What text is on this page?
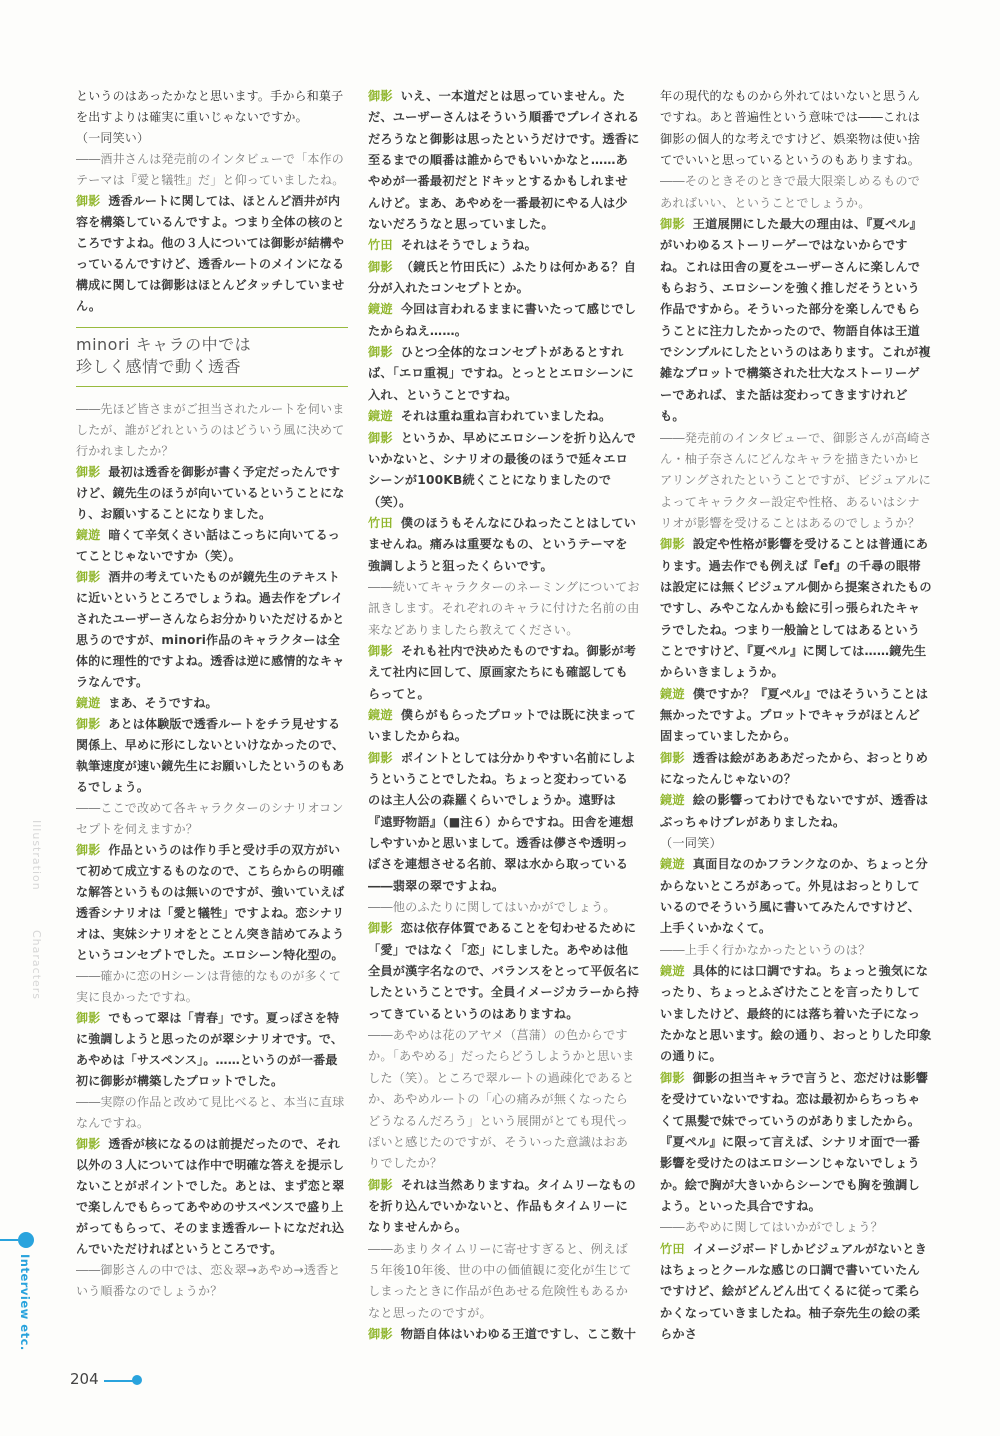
というのはあったかなと思います。手から和菓子を出すよりは確実に重いじゃないですか。

（一同笑い）

――酒井さんは発売前のインタビューで「本作のテーマは『愛と犠牲』だ」と仰っていましたね。

御影 透香ルートに関しては、ほとんど酒井が内容を構築しているんですよ。つまり全体の核のところですよね。他の３人については御影が結構やっているんですけど、透香ルートのメインになる構成に関しては御影はほとんどタッチしていません。

minori キャラの中では
珍しく感情で動く透香

――先ほど皆さまがご担当されたルートを伺いましたが、誰がどれというのはどういう風に決めて行かれましたか？

御影 最初は透香を御影が書く予定だったんですけど、鏡先生のほうが向いているということになり、お願いすることになりました。

鏡遊 暗くて辛気くさい話はこっちに向いてるってことじゃないですか（笑）。

御影 酒井の考えていたものが鏡先生のテキストに近いというところでしょうね。過去作をプレイされたユーザーさんならお分かりいただけるかと思うのですが、minori作品のキャラクターは全体的に理性的ですよね。透香は逆に感情的なキャラなんです。

鏡遊 まあ、そうですね。

御影 あとは体験版で透香ルートをチラ見せする関係上、早めに形にしないといけなかったので、執筆速度が速い鏡先生にお願いしたというのもあるでしょう。

――ここで改めて各キャラクターのシナリオコンセプトを伺えますか？

御影 作品というのは作り手と受け手の双方がいて初めて成立するものなので、こちらからの明確な解答というものは無いのですが、強いていえば透香シナリオは「愛と犠牲」ですよね。恋シナリオは、実妹シナリオをとことん突き詰めてみようというコンセプトでした。エロシーン特化型の。

――確かに恋のHシーンは背徳的なものが多くて実に良かったですね。

御影 でもって翠は「青春」です。夏っぽさを特に強調しようと思ったのが翠シナリオです。で、あやめは「サスペンス」。……というのが一番最初に御影が構築したプロットでした。

――実際の作品と改めて見比べると、本当に直球なんですね。

御影 透香が核になるのは前提だったので、それ以外の３人については作中で明確な答えを提示しないことがポイントでした。あとは、まず恋と翠で楽しんでもらってあやめのサスペンスで盛り上がってもらって、そのまま透香ルートになだれ込んでいただければというところです。

――御影さんの中では、恋＆翠→あやめ→透香という順番なのでしょうか？

御影 いえ、一本道だとは思っていません。ただ、ユーザーさんはそういう順番でプレイされるだろうなと御影は思ったというだけです。透香に至るまでの順番は誰からでもいいかなと……あやめが一番最初だとドキッとするかもしれませんけど。まあ、あやめを一番最初にやる人は少ないだろうなと思っていました。

竹田 それはそうでしょうね。

御影 （鏡氏と竹田氏に）ふたりは何かある？自分が入れたコンセプトとか。

鏡遊 今回は言われるままに書いたって感じでしたからねえ……。

御影 ひとつ全体的なコンセプトがあるとすれば、「エロ重視」ですね。とっととエロシーンに入れ、ということですね。

鏡遊 それは重ね重ね言われていましたね。

御影 というか、早めにエロシーンを折り込んでいかないと、シナリオの最後のほうで延々エロシーンが100KB続くことになりましたので（笑）。

竹田 僕のほうもそんなにひねったことはしていませんね。痛みは重要なもの、というテーマを強調しようと狙ったくらいです。

――続いてキャラクターのネーミングについてお訊きします。それぞれのキャラに付けた名前の由来などありましたら教えてください。

御影 それも社内で決めたものですね。御影が考えて社内に回して、原画家たちにも確認してもらってと。

鏡遊 僕らがもらったプロットでは既に決まっていましたからね。

御影 ポイントとしては分かりやすい名前にしようということでしたね。ちょっと変わっているのは主人公の森羅くらいでしょうか。遠野は『遠野物語』（■注６）からですね。田舎を連想しやすいかと思いまして。透香は儚さや透明っぽさを連想させる名前、翠は水から取っている――翡翠の翠ですよね。

――他のふたりに関してはいかがでしょう。

御影 恋は依存体質であることを匂わせるために「愛」ではなく「恋」にしました。あやめは他全員が漢字名なので、バランスをとって平仮名にしたということです。全員イメージカラーから持ってきているというのはありますね。

――あやめは花のアヤメ（菖蒲）の色からですか。「あやめる」だったらどうしようかと思いました（笑）。ところで翠ルートの過疎化であるとか、あやめルートの「心の痛みが無くなったらどうなるんだろう」という展開がとても現代っぽいと感じたのですが、そういった意識はおありでしたか？

御影 それは当然ありますね。タイムリーなものを折り込んでいかないと、作品もタイムリーになりませんから。

――あまりタイムリーに寄せすぎると、例えば５年後10年後、世の中の価値観に変化が生じてしまったときに作品が色あせる危険性もあるかなと思ったのですが。

御影 物語自体はいわゆる王道ですし、ここ数十

年の現代的なものから外れてはいないと思うんですね。あと普遍性という意味では――これは御影の個人的な考えですけど、娯楽物は使い捨てでいいと思っているというのもありますね。

――そのときそのときで最大限楽しめるものであればいい、ということでしょうか。

御影 王道展開にした最大の理由は、『夏ペル』がいわゆるストーリーゲーではないからですね。これは田舎の夏をユーザーさんに楽しんでもらおう、エロシーンを強く推しだそうという作品ですから。そういった部分を楽しんでもらうことに注力したかったので、物語自体は王道でシンプルにしたというのはあります。これが複雑なプロットで構築された壮大なストーリーゲーであれば、また話は変わってきますけれども。

――発売前のインタビューで、御影さんが高崎さん・柚子奈さんにどんなキャラを描きたいかヒアリングされたということですが、ビジュアルによってキャラクター設定や性格、あるいはシナリオが影響を受けることはあるのでしょうか？

御影 設定や性格が影響を受けることは普通にあります。過去作でも例えば『ef』の千尋の眼帯は設定には無くビジュアル側から提案されたものですし、みやこなんかも絵に引っ張られたキャラでしたね。つまり一般論としてはあるということですけど、『夏ペル』に関しては……鏡先生からいきましょうか。

鏡遊 僕ですか？『夏ペル』ではそういうことは無かったですよ。プロットでキャラがほとんど固まっていましたから。

御影 透香は絵があああだったから、おっとりめになったんじゃないの？

鏡遊 絵の影響ってわけでもないですが、透香はぶっちゃけブレがありましたね。

（一同笑）

鏡遊 真面目なのかフランクなのか、ちょっと分からないところがあって。外見はおっとりしているのでそういう風に書いてみたんですけど、上手くいかなくて。

――上手く行かなかったというのは？

鏡遊 具体的には口調ですね。ちょっと強気になったり、ちょっとふざけたことを言ったりしていましたけど、最終的には落ち着いた子になったかなと思います。絵の通り、おっとりした印象の通りに。

御影 御影の担当キャラで言うと、恋だけは影響を受けていないですね。恋は最初からちっちゃくて黒髪で妹でっていうのがありましたから。『夏ペル』に限って言えば、シナリオ面で一番影響を受けたのはエロシーンじゃないでしょうか。絵で胸が大きいからシーンでも胸を強調しよう。といった具合ですね。

――あやめに関してはいかがでしょう？

竹田 イメージボードしかビジュアルがないときはちょっとクールな感じの口調で書いていたんですけど、絵がどんどん出てくるに従って柔らかくなっていきましたね。柚子奈先生の絵の柔らかさ

Illustration
Characters
Interview etc.
204
